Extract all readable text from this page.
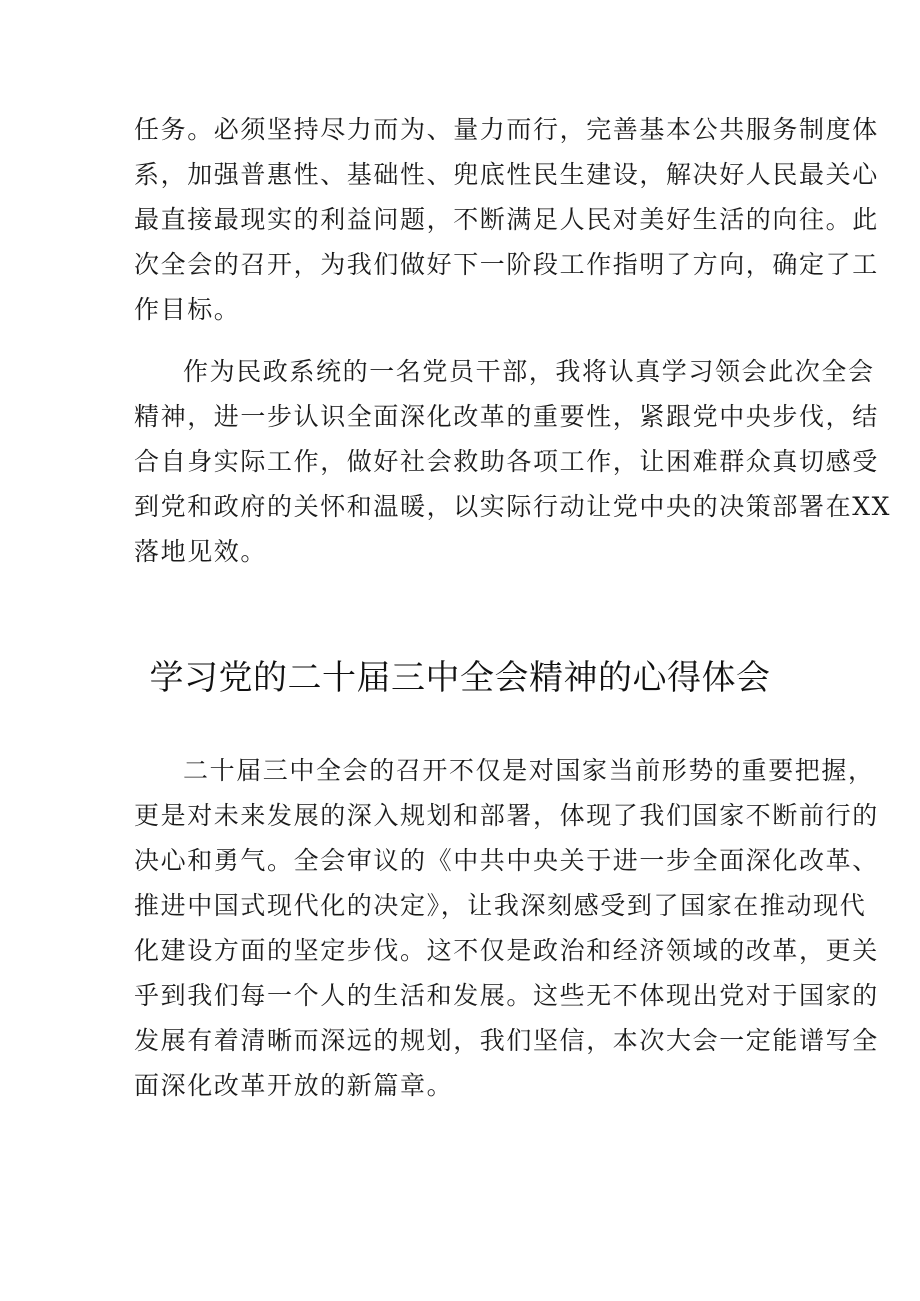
任务。必须坚持尽力而为、量力而行，完善基本公共服务制度体
系，加强普惠性、基础性、兜底性民生建设，解决好人民最关心
最直接最现实的利益问题，不断满足人民对美好生活的向往。此
次全会的召开，为我们做好下一阶段工作指明了方向，确定了工
作目标。
作为民政系统的一名党员干部，我将认真学习领会此次全会
精神，进一步认识全面深化改革的重要性，紧跟党中央步伐，结
合自身实际工作，做好社会救助各项工作，让困难群众真切感受
到党和政府的关怀和温暖，以实际行动让党中央的决策部署在XX
落地见效。
学习党的二十届三中全会精神的心得体会
二十届三中全会的召开不仅是对国家当前形势的重要把握，
更是对未来发展的深入规划和部署，体现了我们国家不断前行的
决心和勇气。全会审议的《中共中央关于进一步全面深化改革、
推进中国式现代化的决定》，让我深刻感受到了国家在推动现代
化建设方面的坚定步伐。这不仅是政治和经济领域的改革，更关
乎到我们每一个人的生活和发展。这些无不体现出党对于国家的
发展有着清晰而深远的规划，我们坚信，本次大会一定能谱写全
面深化改革开放的新篇章。
